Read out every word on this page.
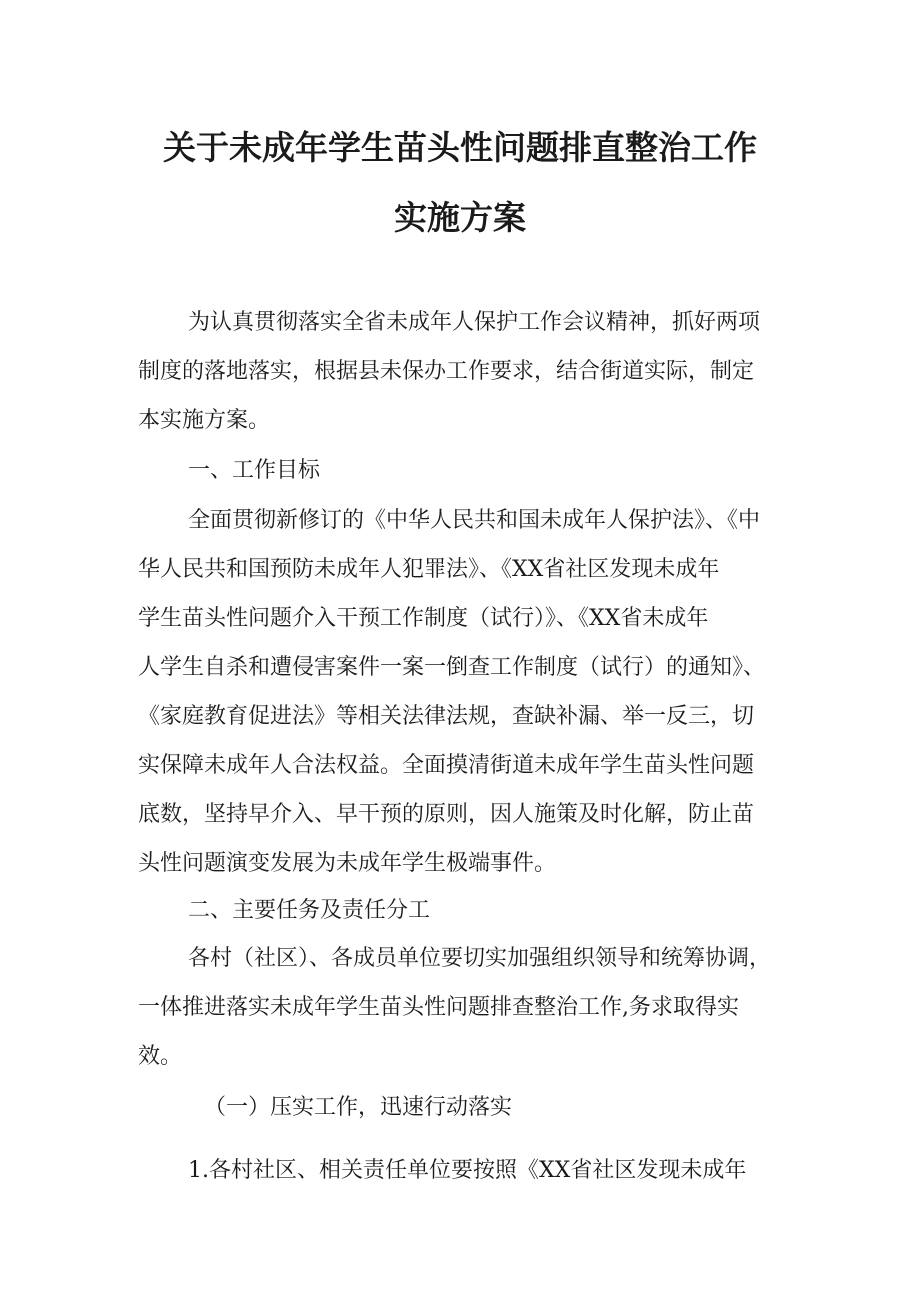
关于未成年学生苗头性问题排直整治工作
实施方案
为认真贯彻落实全省未成年人保护工作会议精神，抓好两项
制度的落地落实，根据县未保办工作要求，结合街道实际，制定
本实施方案。
一、工作目标
全面贯彻新修订的《中华人民共和国未成年人保护法》、《中
华人民共和国预防未成年人犯罪法》、《XX省社区发现未成年
学生苗头性问题介入干预工作制度（试行）》、《XX省未成年
人学生自杀和遭侵害案件一案一倒查工作制度（试行）的通知》、
《家庭教育促进法》等相关法律法规，查缺补漏、举一反三，切
实保障未成年人合法权益。全面摸清街道未成年学生苗头性问题
底数，坚持早介入、早干预的原则，因人施策及时化解，防止苗
头性问题演变发展为未成年学生极端事件。
二、主要任务及责任分工
各村（社区）、各成员单位要切实加强组织领导和统筹协调，
一体推进落实未成年学生苗头性问题排查整治工作,务求取得实
效。
（一）压实工作，迅速行动落实
1.各村社区、相关责任单位要按照《XX省社区发现未成年
